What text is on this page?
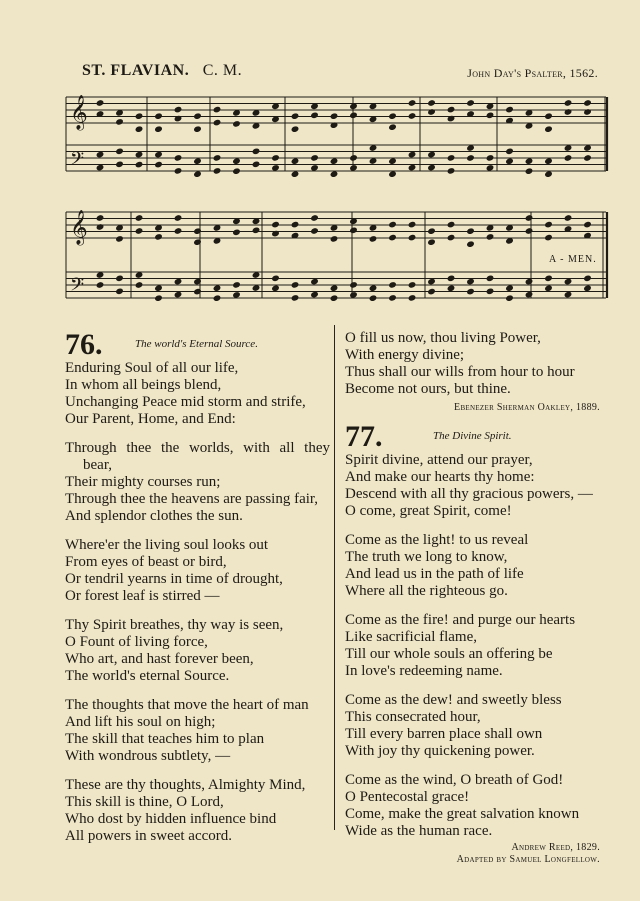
ST. FLAVIAN. C. M.	John Day's Psalter, 1562.
𝄞
𝄢
𝄞
𝄢
A - MEN.
76.	The world's Eternal Source.
Enduring Soul of all our life,
In whom all beings blend,
Unchanging Peace mid storm and strife,
Our Parent, Home, and End:
Through thee the worlds, with all they
bear,
Their mighty courses run;
Through thee the heavens are passing fair,
And splendor clothes the sun.
Where'er the living soul looks out
From eyes of beast or bird,
Or tendril yearns in time of drought,
Or forest leaf is stirred —
Thy Spirit breathes, thy way is seen,
O Fount of living force,
Who art, and hast forever been,
The world's eternal Source.
The thoughts that move the heart of man
And lift his soul on high;
The skill that teaches him to plan
With wondrous subtlety, —
These are thy thoughts, Almighty Mind,
This skill is thine, O Lord,
Who dost by hidden influence bind
All powers in sweet accord.
O fill us now, thou living Power,
With energy divine;
Thus shall our wills from hour to hour
Become not ours, but thine.
Ebenezer Sherman Oakley, 1889.
77.	The Divine Spirit.
Spirit divine, attend our prayer,
And make our hearts thy home:
Descend with all thy gracious powers, —
O come, great Spirit, come!
Come as the light! to us reveal
The truth we long to know,
And lead us in the path of life
Where all the righteous go.
Come as the fire! and purge our hearts
Like sacrificial flame,
Till our whole souls an offering be
In love's redeeming name.
Come as the dew! and sweetly bless
This consecrated hour,
Till every barren place shall own
With joy thy quickening power.
Come as the wind, O breath of God!
O Pentecostal grace!
Come, make the great salvation known
Wide as the human race.
Andrew Reed, 1829.
Adapted by Samuel Longfellow.
